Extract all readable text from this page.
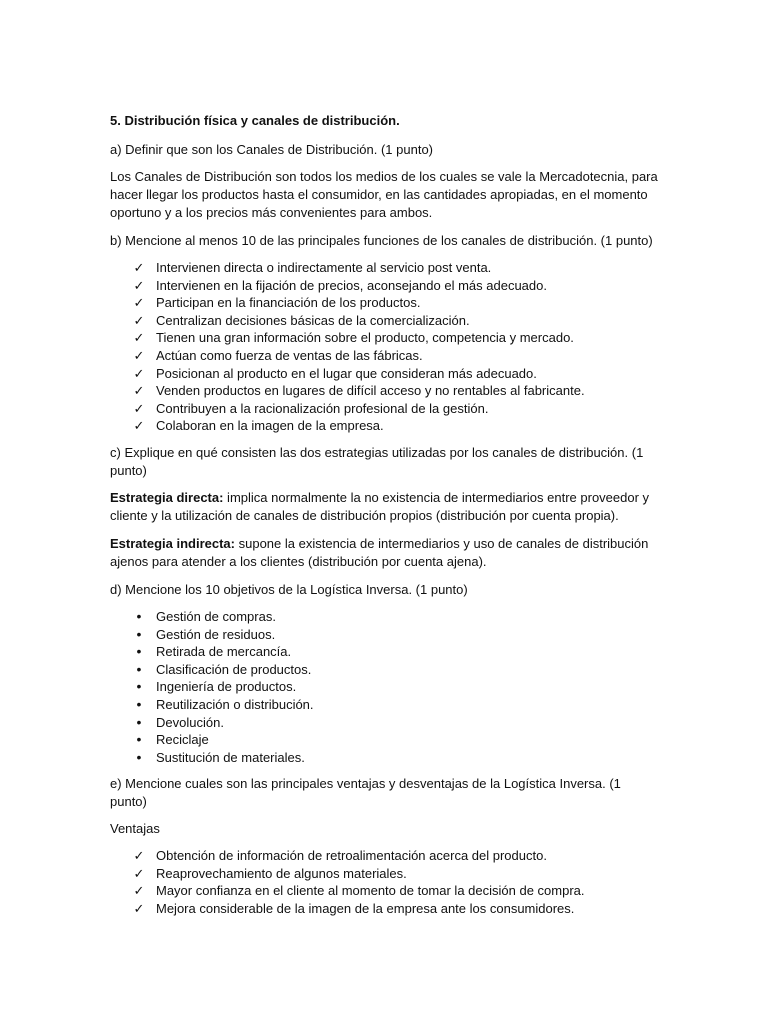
5. Distribución física y canales de distribución.

a) Definir que son los Canales de Distribución. (1 punto)

Los Canales de Distribución son todos los medios de los cuales se vale la Mercadotecnia, para hacer llegar los productos hasta el consumidor, en las cantidades apropiadas, en el momento oportuno y a los precios más convenientes para ambos.

b) Mencione al menos 10 de las principales funciones de los canales de distribución. (1 punto)

✓ Intervienen directa o indirectamente al servicio post venta.
✓ Intervienen en la fijación de precios, aconsejando el más adecuado.
✓ Participan en la financiación de los productos.
✓ Centralizan decisiones básicas de la comercialización.
✓ Tienen una gran información sobre el producto, competencia y mercado.
✓ Actúan como fuerza de ventas de las fábricas.
✓ Posicionan al producto en el lugar que consideran más adecuado.
✓ Venden productos en lugares de difícil acceso y no rentables al fabricante.
✓ Contribuyen a la racionalización profesional de la gestión.
✓ Colaboran en la imagen de la empresa.

c) Explique en qué consisten las dos estrategias utilizadas por los canales de distribución. (1 punto)

Estrategia directa: implica normalmente la no existencia de intermediarios entre proveedor y cliente y la utilización de canales de distribución propios (distribución por cuenta propia).

Estrategia indirecta: supone la existencia de intermediarios y uso de canales de distribución ajenos para atender a los clientes (distribución por cuenta ajena).

d) Mencione los 10 objetivos de la Logística Inversa. (1 punto)

•	Gestión de compras.
•	Gestión de residuos.
•	Retirada de mercancía.
•	Clasificación de productos.
•	Ingeniería de productos.
•	Reutilización o distribución.
•	Devolución.
•	Reciclaje
•	Sustitución de materiales.

e) Mencione cuales son las principales ventajas y desventajas de la Logística Inversa. (1 punto)

Ventajas

✓ Obtención de información de retroalimentación acerca del producto.
✓ Reaprovechamiento de algunos materiales.
✓ Mayor confianza en el cliente al momento de tomar la decisión de compra.
✓ Mejora considerable de la imagen de la empresa ante los consumidores.
